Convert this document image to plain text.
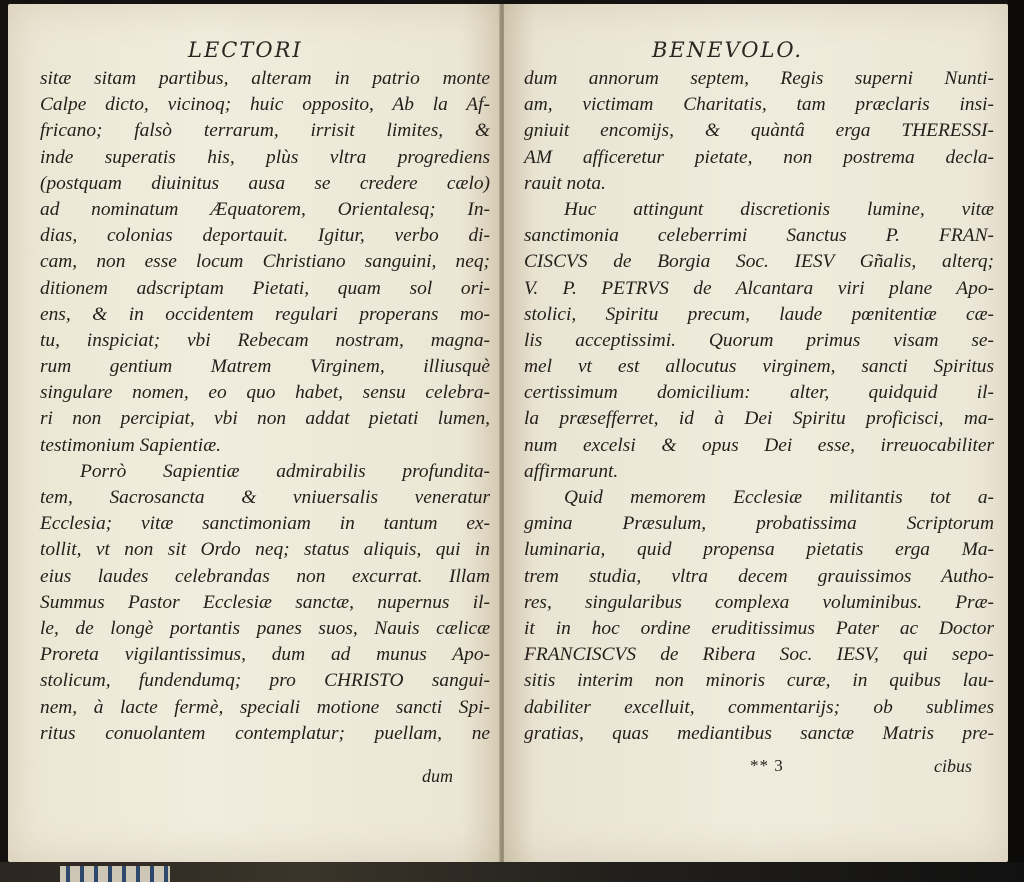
LECTORI
sitæ sitam partibus, alteram in patrio monte
Calpe dicto, vicinoq; huic opposito, Ab la Af-
fricano; falsò terrarum, irrisit limites, &
inde superatis his, plùs vltra progrediens
(postquam diuinitus ausa se credere cælo)
ad nominatum Æquatorem, Orientalesq; In-
dias, colonias deportauit. Igitur, verbo di-
cam, non esse locum Christiano sanguini, neq;
ditionem adscriptam Pietati, quam sol ori-
ens, & in occidentem regulari properans mo-
tu, inspiciat; vbi Rebecam nostram, magna-
rum gentium Matrem Virginem, illiusquè
singulare nomen, eo quo habet, sensu celebra-
ri non percipiat, vbi non addat pietati lumen,
testimonium Sapientiæ.
Porrò Sapientiæ admirabilis profundita-
tem, Sacrosancta & vniuersalis veneratur
Ecclesia; vitæ sanctimoniam in tantum ex-
tollit, vt non sit Ordo neq; status aliquis, qui in
eius laudes celebrandas non excurrat. Illam
Summus Pastor Ecclesiæ sanctæ, nupernus il-
le, de longè portantis panes suos, Nauis cælicæ
Proreta vigilantissimus, dum ad munus Apo-
stolicum, fundendumq; pro CHRISTO sangui-
nem, à lacte fermè, speciali motione sancti Spi-
ritus conuolantem contemplatur; puellam, ne
dum
BENEVOLO.
dum annorum septem, Regis superni Nunti-
am, victimam Charitatis, tam præclaris insi-
gniuit encomijs, & quàntâ erga THERESSI-
AM afficeretur pietate, non postrema decla-
rauit nota.
Huc attingunt discretionis lumine, vitæ
sanctimonia celeberrimi Sanctus P. FRAN-
CISCVS de Borgia Soc. IESV Gñalis, alterq;
V. P. PETRVS de Alcantara viri plane Apo-
stolici, Spiritu precum, laude pœnitentiæ cæ-
lis acceptissimi. Quorum primus visam se-
mel vt est allocutus virginem, sancti Spiritus
certissimum domicilium: alter, quidquid il-
la præsefferret, id à Dei Spiritu proficisci, ma-
num excelsi & opus Dei esse, irreuocabiliter
affirmarunt.
Quid memorem Ecclesiæ militantis tot a-
gmina Præsulum, probatissima Scriptorum
luminaria, quid propensa pietatis erga Ma-
trem studia, vltra decem grauissimos Autho-
res, singularibus complexa voluminibus. Præ-
it in hoc ordine eruditissimus Pater ac Doctor
FRANCISCVS de Ribera Soc. IESV, qui sepo-
sitis interim non minoris curæ, in quibus lau-
dabiliter excelluit, commentarijs; ob sublimes
gratias, quas mediantibus sanctæ Matris pre-
** 3	cibus
